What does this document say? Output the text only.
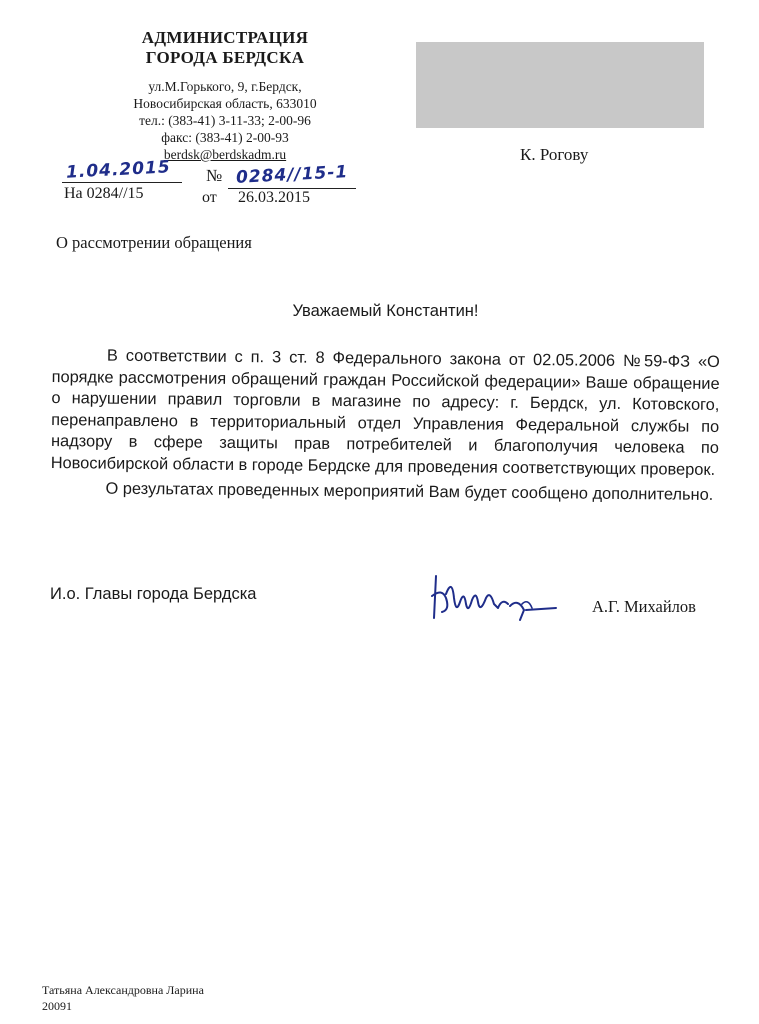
АДМИНИСТРАЦИЯ
ГОРОДА БЕРДСКА
ул.М.Горького, 9, г.Бердск,
Новосибирская область, 633010
тел.: (383-41) 3-11-33; 2-00-96
факс: (383-41) 2-00-93
berdsk@berdskadm.ru	К. Рогову
1.04.2015 № 0284//15-1
На 0284//15	от 26.03.2015
О рассмотрении обращения
Уважаемый Константин!

В соответствии с п. 3 ст. 8 Федерального закона от 02.05.2006 №59-ФЗ «О порядке рассмотрения обращений граждан Российской федерации» Ваше обращение о нарушении правил торговли в магазине по адресу: г. Бердск, ул. Котовского, перенаправлено в территориальный отдел Управления Федеральной службы по надзору в сфере защиты прав потребителей и благополучия человека по Новосибирской области в городе Бердске для проведения соответствующих проверок.

О результатах проведенных мероприятий Вам будет сообщено дополнительно.

И.о. Главы города Бердска
А.Г. Михайлов
Татьяна Александровна Ларина
20091
